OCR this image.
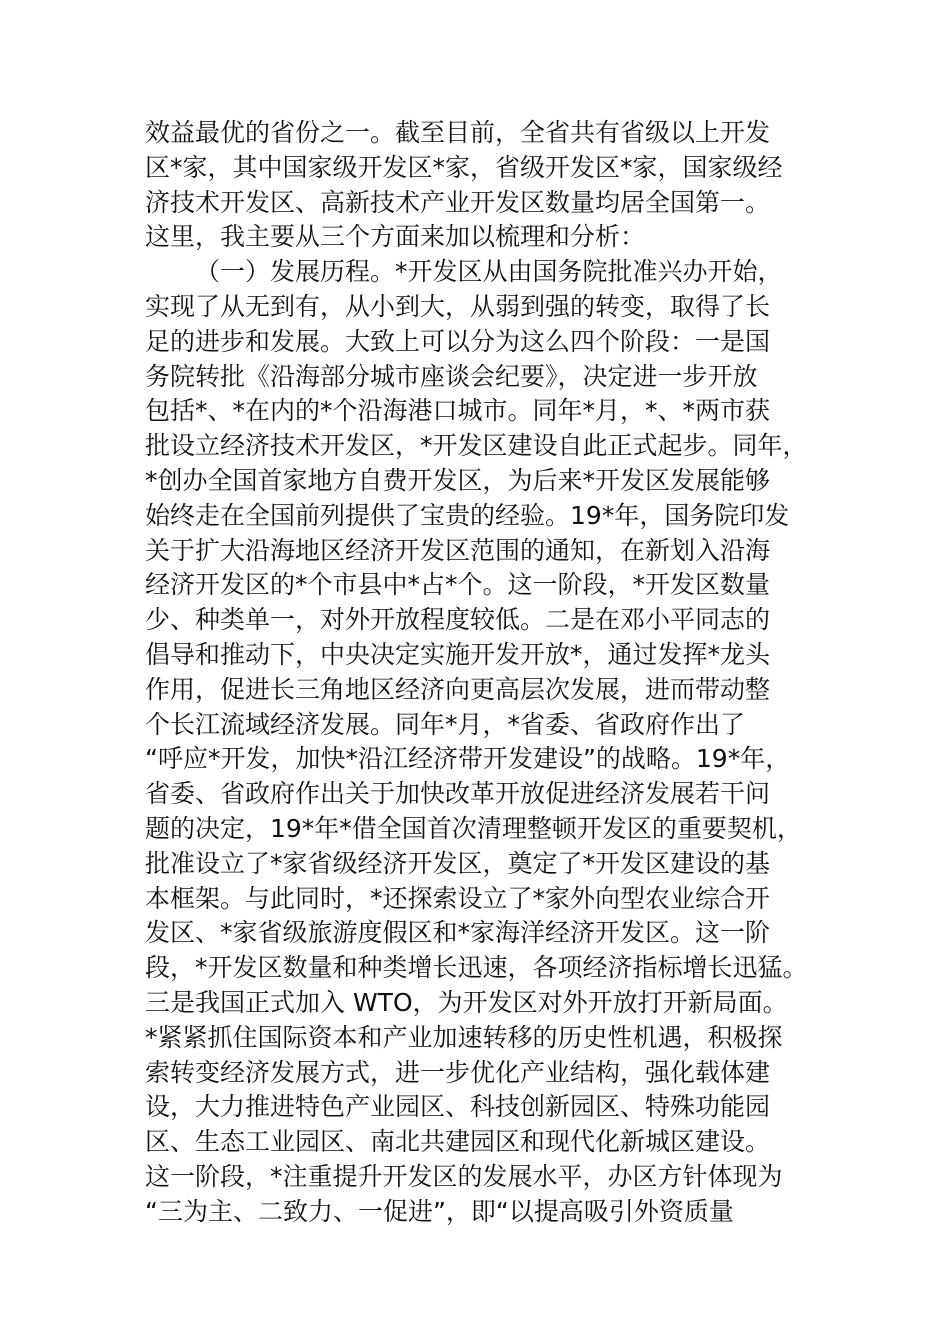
效益最优的省份之一。截至目前，全省共有省级以上开发
区*家，其中国家级开发区*家，省级开发区*家，国家级经
济技术开发区、高新技术产业开发区数量均居全国第一。
这里，我主要从三个方面来加以梳理和分析：
（一）发展历程。*开发区从由国务院批准兴办开始，
实现了从无到有，从小到大，从弱到强的转变，取得了长
足的进步和发展。大致上可以分为这么四个阶段：一是国
务院转批《沿海部分城市座谈会纪要》，决定进一步开放
包括*、*在内的*个沿海港口城市。同年*月，*、*两市获
批设立经济技术开发区，*开发区建设自此正式起步。同年，
*创办全国首家地方自费开发区，为后来*开发区发展能够
始终走在全国前列提供了宝贵的经验。19*年，国务院印发
关于扩大沿海地区经济开发区范围的通知，在新划入沿海
经济开发区的*个市县中*占*个。这一阶段，*开发区数量
少、种类单一，对外开放程度较低。二是在邓小平同志的
倡导和推动下，中央决定实施开发开放*，通过发挥*龙头
作用，促进长三角地区经济向更高层次发展，进而带动整
个长江流域经济发展。同年*月，*省委、省政府作出了
“呼应*开发，加快*沿江经济带开发建设”的战略。19*年，
省委、省政府作出关于加快改革开放促进经济发展若干问
题的决定，19*年*借全国首次清理整顿开发区的重要契机，
批准设立了*家省级经济开发区，奠定了*开发区建设的基
本框架。与此同时，*还探索设立了*家外向型农业综合开
发区、*家省级旅游度假区和*家海洋经济开发区。这一阶
段，*开发区数量和种类增长迅速，各项经济指标增长迅猛。
三是我国正式加入 WTO，为开发区对外开放打开新局面。
*紧紧抓住国际资本和产业加速转移的历史性机遇，积极探
索转变经济发展方式，进一步优化产业结构，强化载体建
设，大力推进特色产业园区、科技创新园区、特殊功能园
区、生态工业园区、南北共建园区和现代化新城区建设。
这一阶段，*注重提升开发区的发展水平，办区方针体现为
“三为主、二致力、一促进”，即“以提高吸引外资质量
